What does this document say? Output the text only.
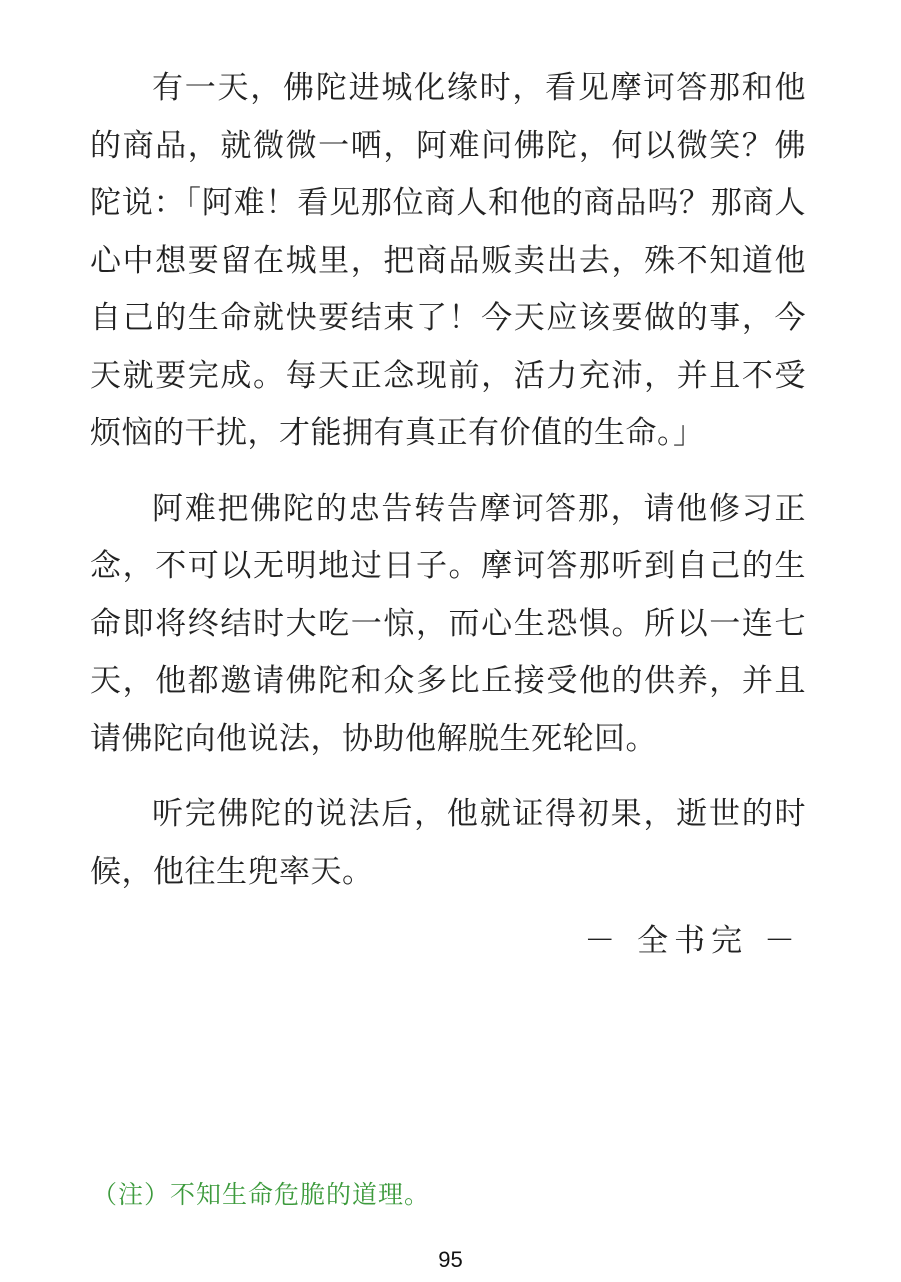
有一天，佛陀进城化缘时，看见摩诃答那和他的商品，就微微一哂，阿难问佛陀，何以微笑？佛陀说：「阿难！看见那位商人和他的商品吗？那商人心中想要留在城里，把商品贩卖出去，殊不知道他自己的生命就快要结束了！今天应该要做的事，今天就要完成。每天正念现前，活力充沛，并且不受烦恼的干扰，才能拥有真正有价值的生命。」

阿难把佛陀的忠告转告摩诃答那，请他修习正念，不可以无明地过日子。摩诃答那听到自己的生命即将终结时大吃一惊，而心生恐惧。所以一连七天，他都邀请佛陀和众多比丘接受他的供养，并且请佛陀向他说法，协助他解脱生死轮回。

听完佛陀的说法后，他就证得初果，逝世的时候，他往生兜率天。

－ 全书完 －
（注）不知生命危脆的道理。
95
